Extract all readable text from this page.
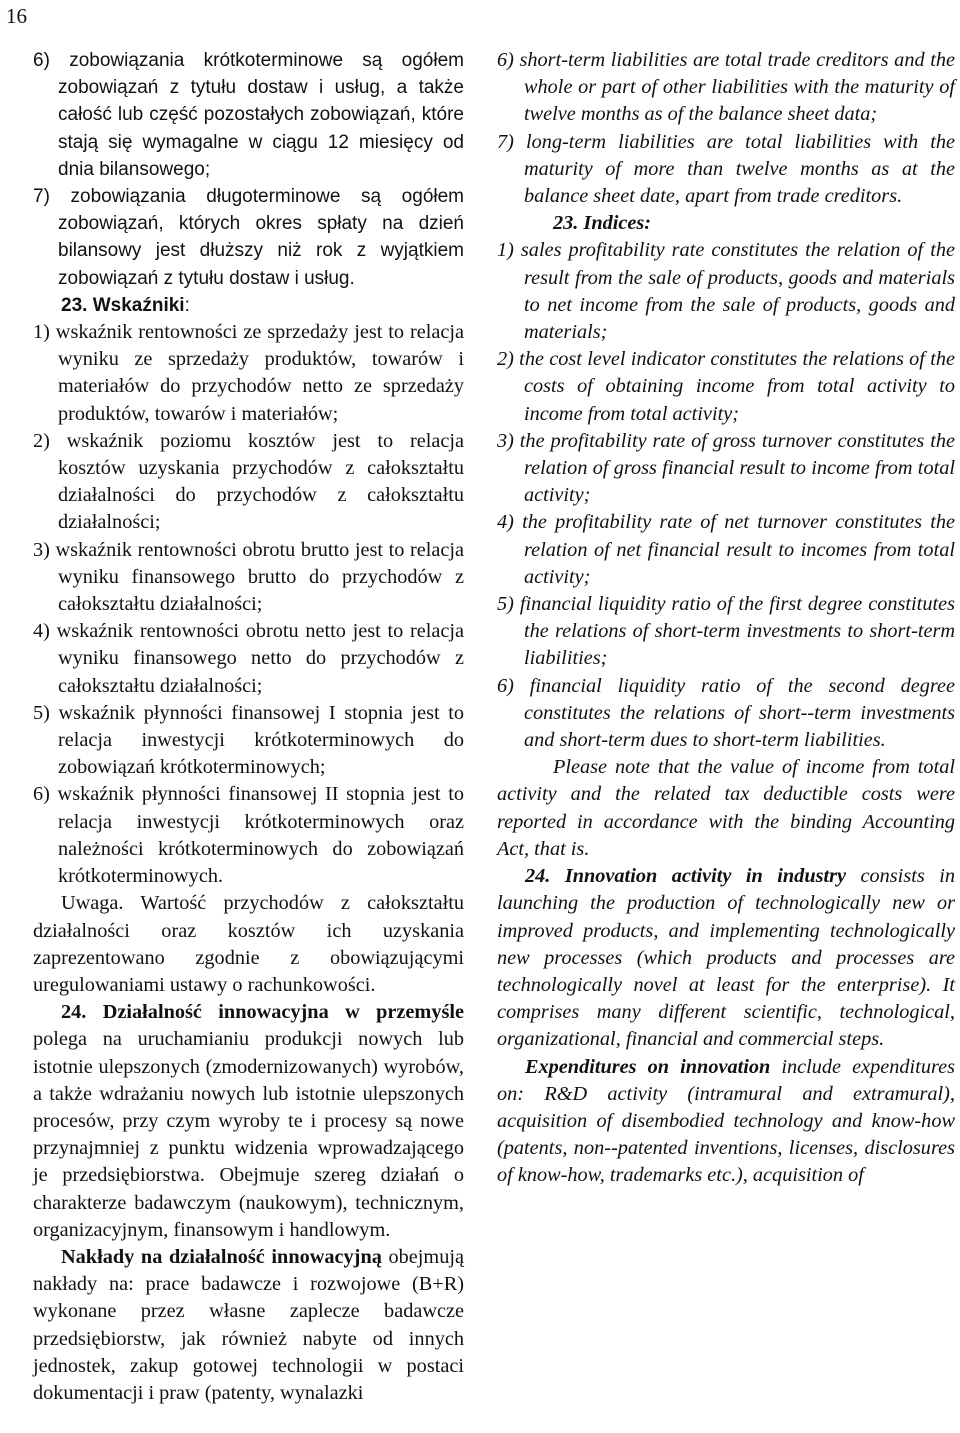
16

6) zobowiązania krótkoterminowe są ogółem zobowiązań z tytułu dostaw i usług, a także całość lub część pozostałych zobowiązań, które stają się wymagalne w ciągu 12 miesięcy od dnia bilansowego;

7) zobowiązania długoterminowe są ogółem zobowiązań, których okres spłaty na dzień bilansowy jest dłuższy niż rok z wyjątkiem zobowiązań z tytułu dostaw i usług.

23. Wskaźniki:

1) wskaźnik rentowności ze sprzedaży jest to relacja wyniku ze sprzedaży produktów, towarów i materiałów do przychodów netto ze sprzedaży produktów, towarów i materiałów;

2) wskaźnik poziomu kosztów jest to relacja kosztów uzyskania przychodów z całokształtu działalności do przychodów z całokształtu działalności;

3) wskaźnik rentowności obrotu brutto jest to relacja wyniku finansowego brutto do przychodów z całokształtu działalności;

4) wskaźnik rentowności obrotu netto jest to relacja wyniku finansowego netto do przychodów z całokształtu działalności;

5) wskaźnik płynności finansowej I stopnia jest to relacja inwestycji krótkoterminowych do zobowiązań krótkoterminowych;

6) wskaźnik płynności finansowej II stopnia jest to relacja inwestycji krótkoterminowych oraz należności krótkoterminowych do zobowiązań krótkoterminowych.

Uwaga. Wartość przychodów z całokształtu działalności oraz kosztów ich uzyskania zaprezentowano zgodnie z obowiązującymi uregulowaniami ustawy o rachunkowości.

24. Działalność innowacyjna w przemyśle polega na uruchamianiu produkcji nowych lub istotnie ulepszonych (zmodernizowanych) wyrobów, a także wdrażaniu nowych lub istotnie ulepszonych procesów, przy czym wyroby te i procesy są nowe przynajmniej z punktu widzenia wprowadzającego je przedsiębiorstwa. Obejmuje szereg działań o charakterze badawczym (naukowym), technicznym, organizacyjnym, finansowym i handlowym.

Nakłady na działalność innowacyjną obejmują nakłady na: prace badawcze i rozwojowe (B+R) wykonane przez własne zaplecze badawcze przedsiębiorstw, jak również nabyte od innych jednostek, zakup gotowej technologii w postaci dokumentacji i praw (patenty, wynalazki

6) short-term liabilities are total trade creditors and the whole or part of other liabilities with the maturity of twelve months as of the balance sheet data;

7) long-term liabilities are total liabilities with the maturity of more than twelve months as at the balance sheet date, apart from trade creditors.

23. Indices:

1) sales profitability rate constitutes the relation of the result from the sale of products, goods and materials to net income from the sale of products, goods and materials;

2) the cost level indicator constitutes the relations of the costs of obtaining income from total activity to income from total activity;

3) the profitability rate of gross turnover constitutes the relation of gross financial result to income from total activity;

4) the profitability rate of net turnover constitutes the relation of net financial result to incomes from total activity;

5) financial liquidity ratio of the first degree constitutes the relations of short-term investments to short-term liabilities;

6) financial liquidity ratio of the second degree constitutes the relations of short--term investments and short-term dues to short-term liabilities.

Please note that the value of income from total activity and the related tax deductible costs were reported in accordance with the binding Accounting Act, that is.

24. Innovation activity in industry consists in launching the production of technologically new or improved products, and implementing technologically new processes (which products and processes are technologically novel at least for the enterprise). It comprises many different scientific, technological, organizational, financial and commercial steps.

Expenditures on innovation include expenditures on: R&D activity (intramural and extramural), acquisition of disembodied technology and know-how (patents, non--patented inventions, licenses, disclosures of know-how, trademarks etc.), acquisition of
